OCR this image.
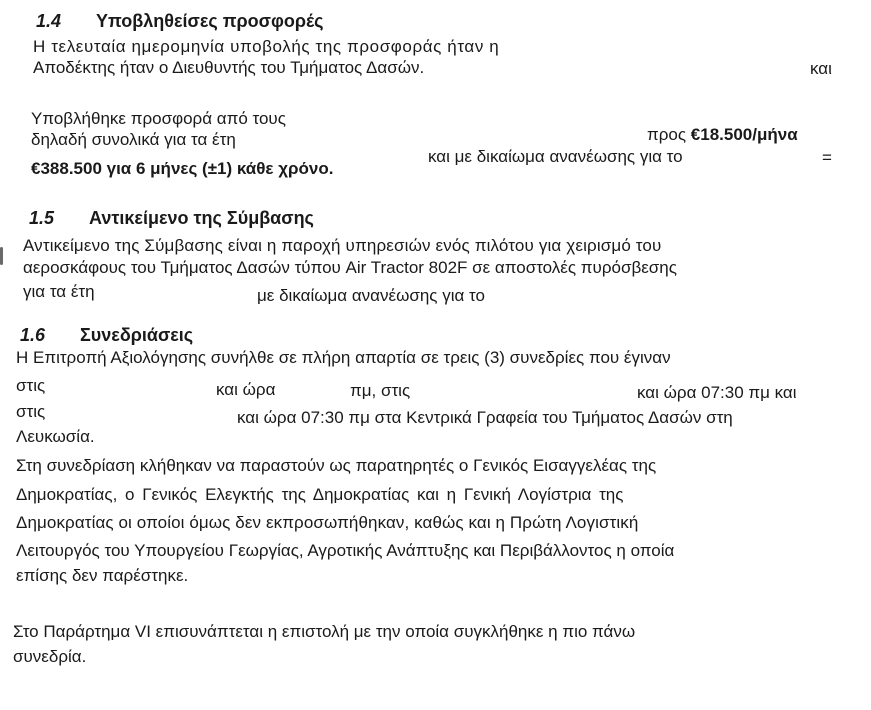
1.4 Υποβληθείσες προσφορές
Η τελευταία ημερομηνία υποβολής της προσφοράς ήταν η
και
Αποδέκτης ήταν ο Διευθυντής του Τμήματος Δασών.
Υποβλήθηκε προσφορά από τους
προς €18.500/μήνα
δηλαδή συνολικά για τα έτη
και με δικαίωμα ανανέωσης για το	=
€388.500 για 6 μήνες (±1) κάθε χρόνο.
1.5 Αντικείμενο της Σύμβασης
Αντικείμενο της Σύμβασης είναι η παροχή υπηρεσιών ενός πιλότου για χειρισμό του
αεροσκάφους του Τμήματος Δασών τύπου Air Tractor 802F σε αποστολές πυρόσβεσης
για τα έτη	με δικαίωμα ανανέωσης για το
1.6 Συνεδριάσεις
Η Επιτροπή Αξιολόγησης συνήλθε σε πλήρη απαρτία σε τρεις (3) συνεδρίες που έγιναν
στις	και ώρα	πμ, στις	και ώρα 07:30 πμ και
στις	και ώρα 07:30 πμ στα Κεντρικά Γραφεία του Τμήματος Δασών στη
Λευκωσία.
Στη συνεδρίαση κλήθηκαν να παραστούν ως παρατηρητές ο Γενικός Εισαγγελέας της
Δημοκρατίας, ο Γενικός Ελεγκτής της Δημοκρατίας και η Γενική Λογίστρια της
Δημοκρατίας οι οποίοι όμως δεν εκπροσωπήθηκαν, καθώς και η Πρώτη Λογιστική
Λειτουργός του Υπουργείου Γεωργίας, Αγροτικής Ανάπτυξης και Περιβάλλοντος η οποία
επίσης δεν παρέστηκε.
Στο Παράρτημα VI επισυνάπτεται η επιστολή με την οποία συγκλήθηκε η πιο πάνω
συνεδρία.
